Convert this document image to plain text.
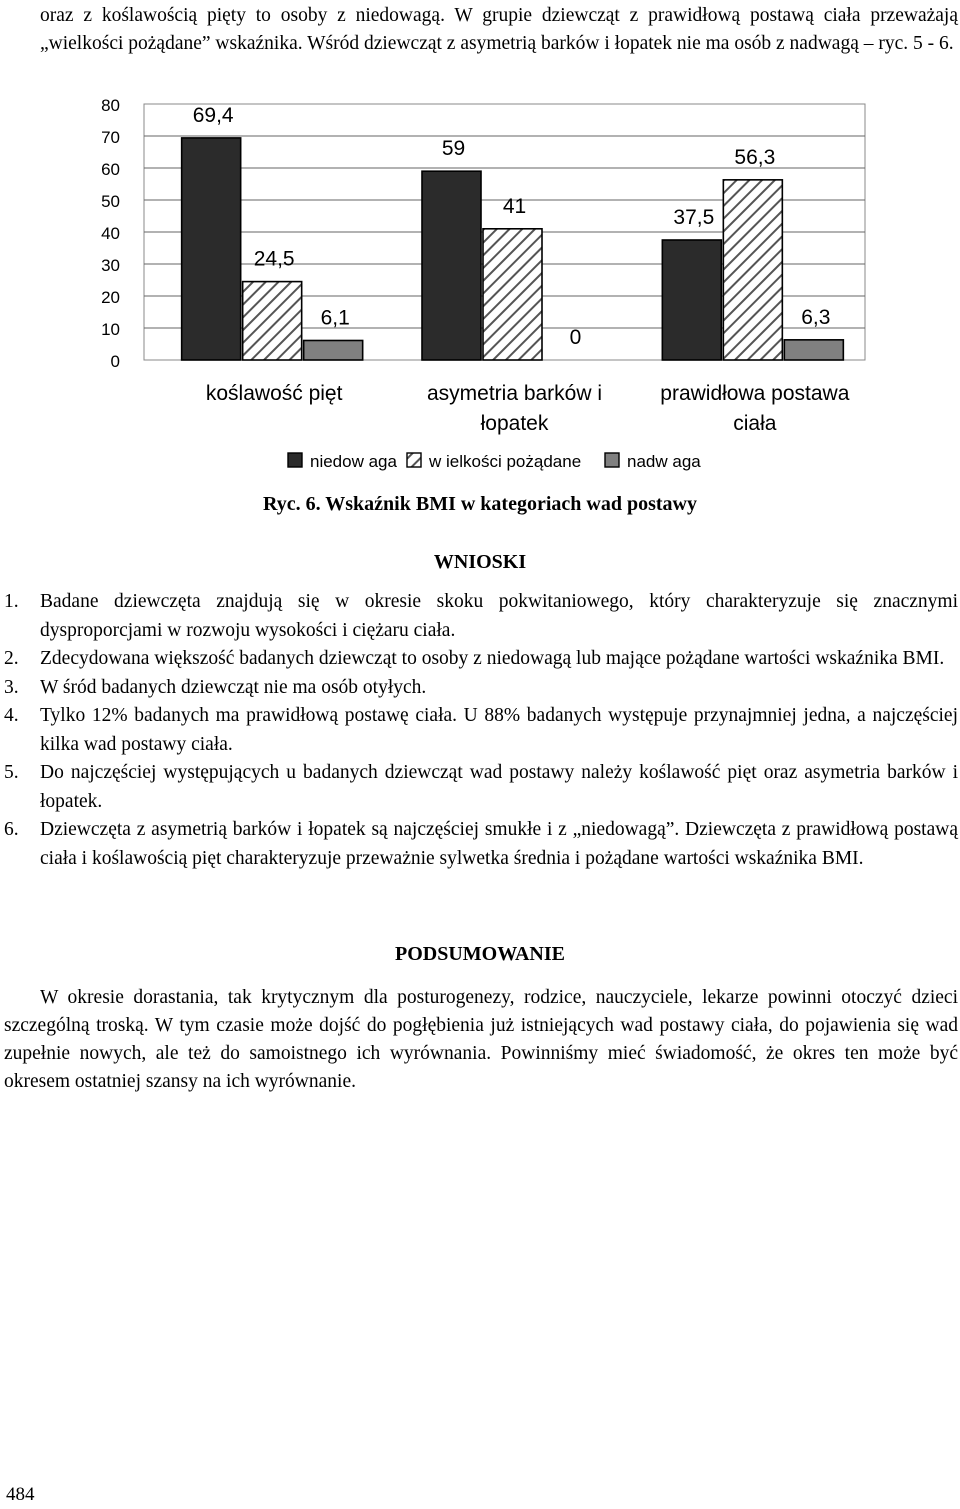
oraz z koślawością pięty to osoby z niedowagą. W grupie dziewcząt z prawidłową postawą ciała przeważają „wielkości pożądane” wskaźnika. Wśród dziewcząt z asymetrią barków i łopatek nie ma osób z nadwagą – ryc. 5 - 6.

0
10
20
30
40
50
60
70
80	69,4
24,5
6,1
koślawość pięt
59
41
0
asymetria barków i
łopatek
37,5
56,3
6,3
prawidłowa postawa
ciała
niedow aga w ielkości pożądane	nadw aga
Ryc. 6. Wskaźnik BMI w kategoriach wad postawy
WNIOSKI
1. Badane dziewczęta znajdują się w okresie skoku pokwitaniowego, który charakteryzuje się znacznymi dysproporcjami w rozwoju wysokości i ciężaru ciała.
2. Zdecydowana większość badanych dziewcząt to osoby z niedowagą lub mające pożądane wartości wskaźnika BMI.
3. W śród badanych dziewcząt nie ma osób otyłych.
4. Tylko 12% badanych ma prawidłową postawę ciała. U 88% badanych występuje przynajmniej jedna, a najczęściej kilka wad postawy ciała.
5. Do najczęściej występujących u badanych dziewcząt wad postawy należy koślawość pięt oraz asymetria barków i łopatek.
6. Dziewczęta z asymetrią barków i łopatek są najczęściej smukłe i z „niedowagą”. Dziewczęta z prawidłową postawą ciała i koślawością pięt charakteryzuje przeważnie sylwetka średnia i pożądane wartości wskaźnika BMI.
PODSUMOWANIE

W okresie dorastania, tak krytycznym dla posturogenezy, rodzice, nauczyciele, lekarze powinni otoczyć dzieci szczególną troską. W tym czasie może dojść do pogłębienia już istniejących wad postawy ciała, do pojawienia się wad zupełnie nowych, ale też do samoistnego ich wyrównania. Powinniśmy mieć świadomość, że okres ten może być okresem ostatniej szansy na ich wyrównanie.

484
